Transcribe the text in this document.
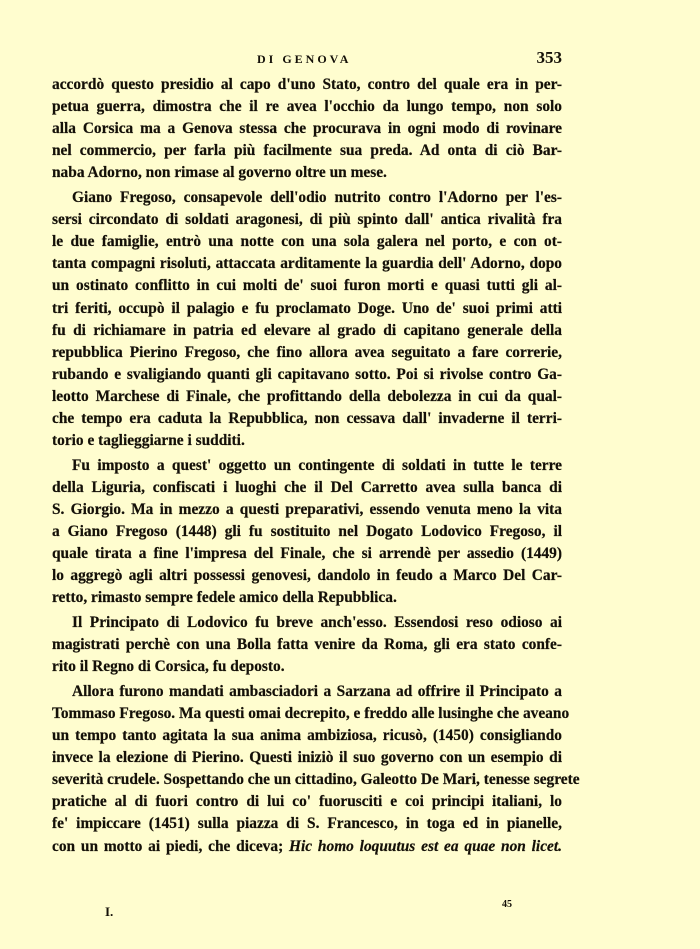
DI GENOVA	353
accordò questo presidio al capo d'uno Stato, contro del quale era in per-
petua guerra, dimostra che il re avea l'occhio da lungo tempo, non solo
alla Corsica ma a Genova stessa che procurava in ogni modo di rovinare
nel commercio, per farla più facilmente sua preda. Ad onta di ciò Bar-
naba Adorno, non rimase al governo oltre un mese.
Giano Fregoso, consapevole dell'odio nutrito contro l'Adorno per l'es-
sersi circondato di soldati aragonesi, di più spinto dall' antica rivalità fra
le due famiglie, entrò una notte con una sola galera nel porto, e con ot-
tanta compagni risoluti, attaccata arditamente la guardia dell' Adorno, dopo
un ostinato conflitto in cui molti de' suoi furon morti e quasi tutti gli al-
tri feriti, occupò il palagio e fu proclamato Doge. Uno de' suoi primi atti
fu di richiamare in patria ed elevare al grado di capitano generale della
repubblica Pierino Fregoso, che fino allora avea seguitato a fare correrie,
rubando e svaligiando quanti gli capitavano sotto. Poi si rivolse contro Ga-
leotto Marchese di Finale, che profittando della debolezza in cui da qual-
che tempo era caduta la Repubblica, non cessava dall' invaderne il terri-
torio e taglieggiarne i sudditi.
Fu imposto a quest' oggetto un contingente di soldati in tutte le terre
della Liguria, confiscati i luoghi che il Del Carretto avea sulla banca di
S. Giorgio. Ma in mezzo a questi preparativi, essendo venuta meno la vita
a Giano Fregoso (1448) gli fu sostituito nel Dogato Lodovico Fregoso, il
quale tirata a fine l'impresa del Finale, che si arrendè per assedio (1449)
lo aggregò agli altri possessi genovesi, dandolo in feudo a Marco Del Car-
retto, rimasto sempre fedele amico della Repubblica.
Il Principato di Lodovico fu breve anch'esso. Essendosi reso odioso ai
magistrati perchè con una Bolla fatta venire da Roma, gli era stato confe-
rito il Regno di Corsica, fu deposto.
Allora furono mandati ambasciadori a Sarzana ad offrire il Principato a
Tommaso Fregoso. Ma questi omai decrepito, e freddo alle lusinghe che aveano
un tempo tanto agitata la sua anima ambiziosa, ricusò, (1450) consigliando
invece la elezione di Pierino. Questi iniziò il suo governo con un esempio di
severità crudele. Sospettando che un cittadino, Galeotto De Mari, tenesse segrete
pratiche al di fuori contro di lui co' fuorusciti e coi principi italiani, lo
fe' impiccare (1451) sulla piazza di S. Francesco, in toga ed in pianelle,
con un motto ai piedi, che diceva; Hic homo loquutus est ea quae non licet.
I.	45
